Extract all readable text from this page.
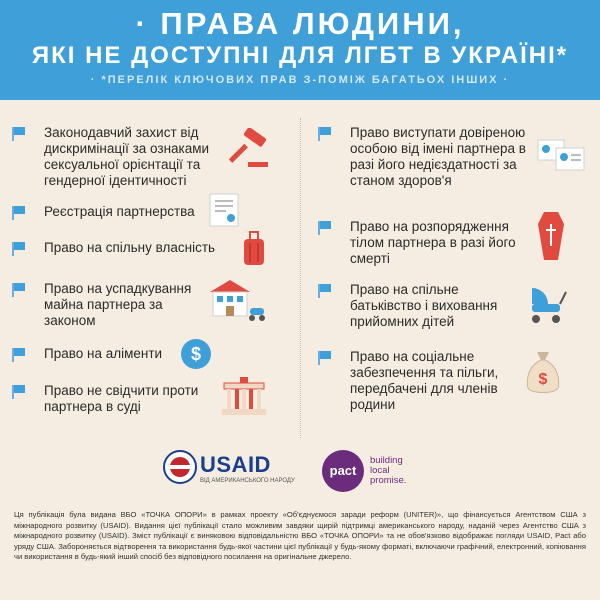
· ПРАВА ЛЮДИНИ,
ЯКІ НЕ ДОСТУПНІ ДЛЯ ЛГБТ В УКРАЇНІ*
· *ПЕРЕЛІК КЛЮЧОВИХ ПРАВ З-ПОМІЖ БАГАТЬОХ ІНШИХ ·
Законодавчий захист від дискримінації за ознаками сексуальної орієнтації та гендерної ідентичності
Реєстрація партнерства
Право на спільну власність
Право на успадкування майна партнера за законом
Право на аліменти $
Право не свідчити проти партнера в суді
Право виступати довіреною особою від імені партнера в разі його недієздатності за станом здоров'я
Право на розпорядження тілом партнера в разі його смерті
Право на спільне батьківство і виховання прийомних дітей
Право на соціальне забезпечення та пільги, передбачені для членів родини
$
USAID
ВІД АМЕРИКАНСЬКОГО НАРОДУ
pact
building
local
promise.
Ця публікація була видана ВБО «ТОЧКА ОПОРИ» в рамках проекту «Об'єднуємося заради реформ (UNITER)», що фінансується Агентством США з міжнародного розвитку (USAID). Видання цієї публікації стало можливим завдяки щирій підтримці американського народу, наданій через Агентство США з міжнародного розвитку (USAID). Зміст публікації є виняковою відповідальністю ВБО «ТОЧКА ОПОРИ» та не обов'язково відображає погляди USAID, Pact або уряду США. Забороняється відтворення та використання будь-якої частини цієї публікації у будь-якому форматі, включаючи графічний, електронний, копіювання чи використання в будь-який інший спосіб без відповідного посилання на оригінальне джерело.
